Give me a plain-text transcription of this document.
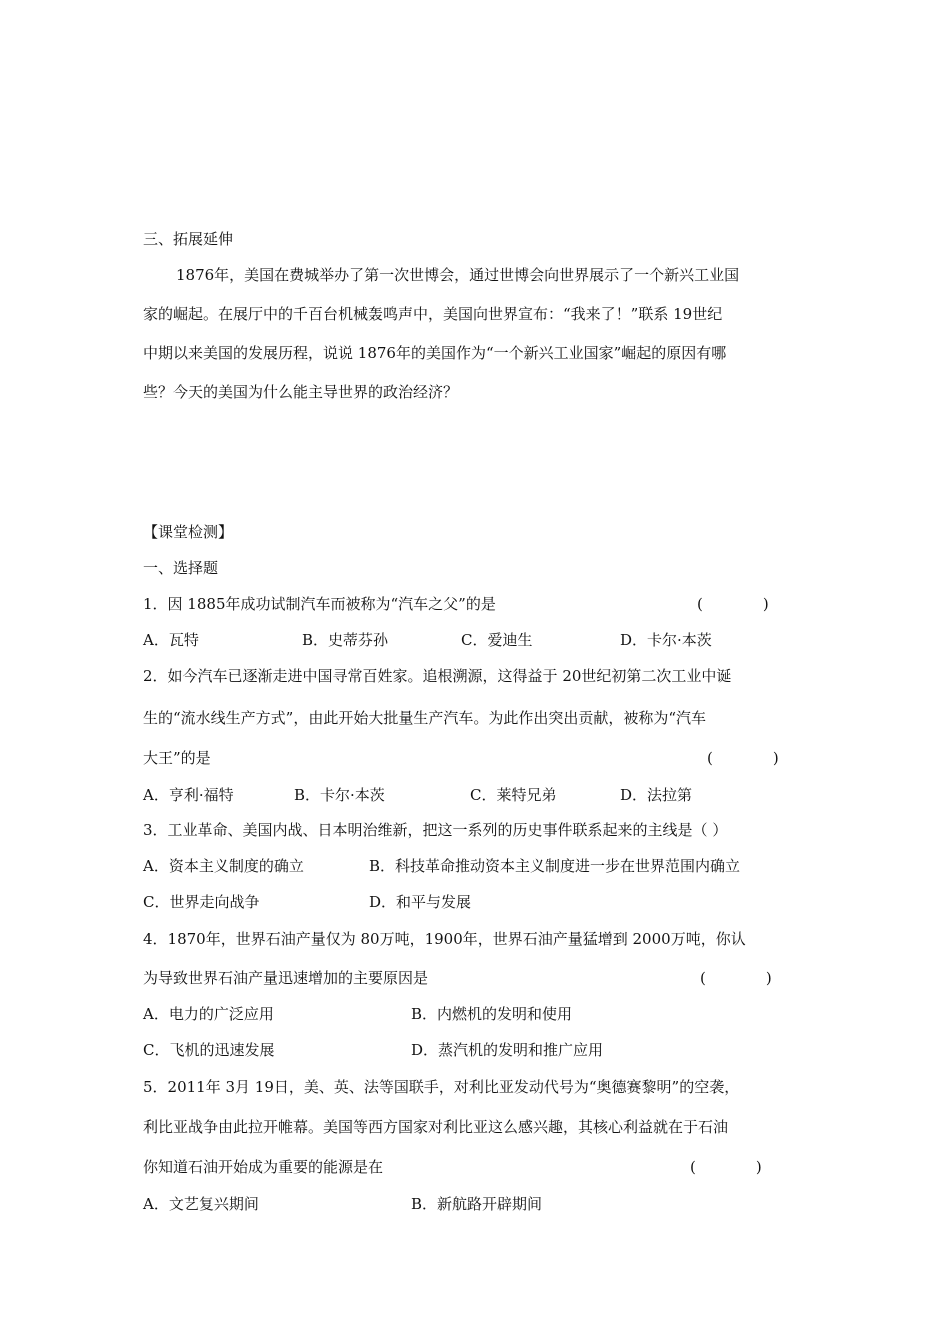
三、拓展延伸
1876年，美国在费城举办了第一次世博会，通过世博会向世界展示了一个新兴工业国
家的崛起。在展厅中的千百台机械轰鸣声中，美国向世界宣布：“我来了！”联系 19世纪
中期以来美国的发展历程，说说 1876年的美国作为“一个新兴工业国家”崛起的原因有哪
些？今天的美国为什么能主导世界的政治经济？
【课堂检测】
一、选择题
1．因 1885年成功试制汽车而被称为“汽车之父”的是	(　　　　)
A．瓦特	B．史蒂芬孙	C．爱迪生	D．卡尔·本茨
2．如今汽车已逐渐走进中国寻常百姓家。追根溯源，这得益于 20世纪初第二次工业中诞
生的“流水线生产方式”，由此开始大批量生产汽车。为此作出突出贡献，被称为“汽车
大王”的是	(　　　　)
A．亨利·福特	B．卡尔·本茨	C．莱特兄弟	D．法拉第
3．工业革命、美国内战、日本明治维新，把这一系列的历史事件联系起来的主线是（ ）
A．资本主义制度的确立	B．科技革命推动资本主义制度进一步在世界范围内确立
C．世界走向战争	D．和平与发展
4．1870年，世界石油产量仅为 80万吨，1900年，世界石油产量猛增到 2000万吨，你认
为导致世界石油产量迅速增加的主要原因是	(　　　　)
A．电力的广泛应用	B．内燃机的发明和使用
C．飞机的迅速发展	D．蒸汽机的发明和推广应用
5．2011年 3月 19日，美、英、法等国联手，对利比亚发动代号为“奥德赛黎明”的空袭，
利比亚战争由此拉开帷幕。美国等西方国家对利比亚这么感兴趣，其核心利益就在于石油
你知道石油开始成为重要的能源是在	(　　　　)
A．文艺复兴期间	B．新航路开辟期间
